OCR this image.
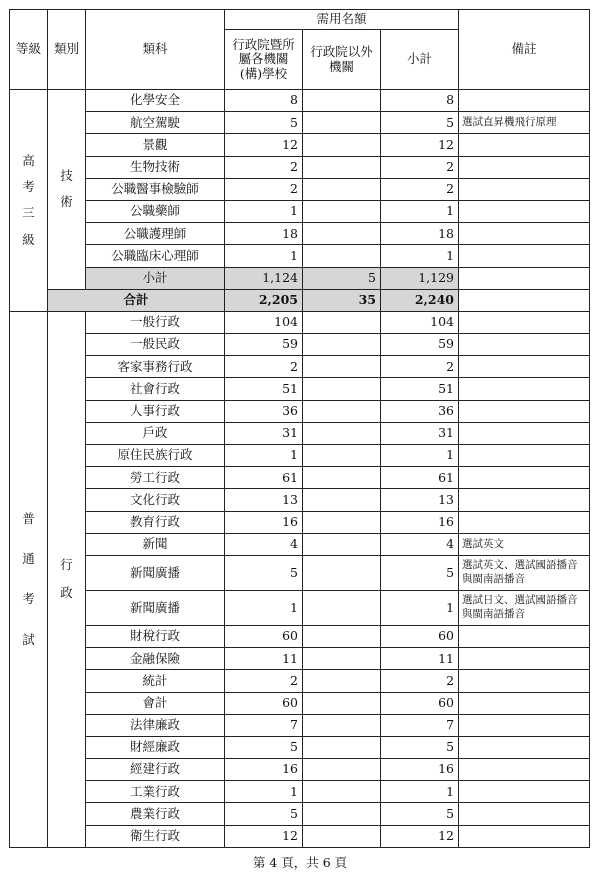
等級	類別	類科	需用名額			備註
			行政院暨所屬各機關(構)學校	行政院以外機關	小計	

高
考
三
級	技
術	化學安全	8		8	
		航空駕駛	5		5	選試直昇機飛行原理
		景觀	12		12	
		生物技術	2		2	
		公職醫事檢驗師	2		2	
		公職藥師	1		1	
		公職護理師	18		18	
		公職臨床心理師	1		1	
		小計	1,124	5	1,129	
	合計		2,205	35	2,240	

普
通
考
試	行
政	一般行政	104		104	
		一般民政	59		59	
		客家事務行政	2		2	
		社會行政	51		51	
		人事行政	36		36	
		戶政	31		31	
		原住民族行政	1		1	
		勞工行政	61		61	
		文化行政	13		13	
		教育行政	16		16	
		新聞	4		4	選試英文
		新聞廣播	5		5	選試英文、選試國語播音與閩南語播音
		新聞廣播	1		1	選試日文、選試國語播音與閩南語播音
		財稅行政	60		60	
		金融保險	11		11	
		統計	2		2	
		會計	60		60	
		法律廉政	7		7	
		財經廉政	5		5	
		經建行政	16		16	
		工業行政	1		1	
		農業行政	5		5	
		衛生行政	12		12	
第 4 頁，共 6 頁
